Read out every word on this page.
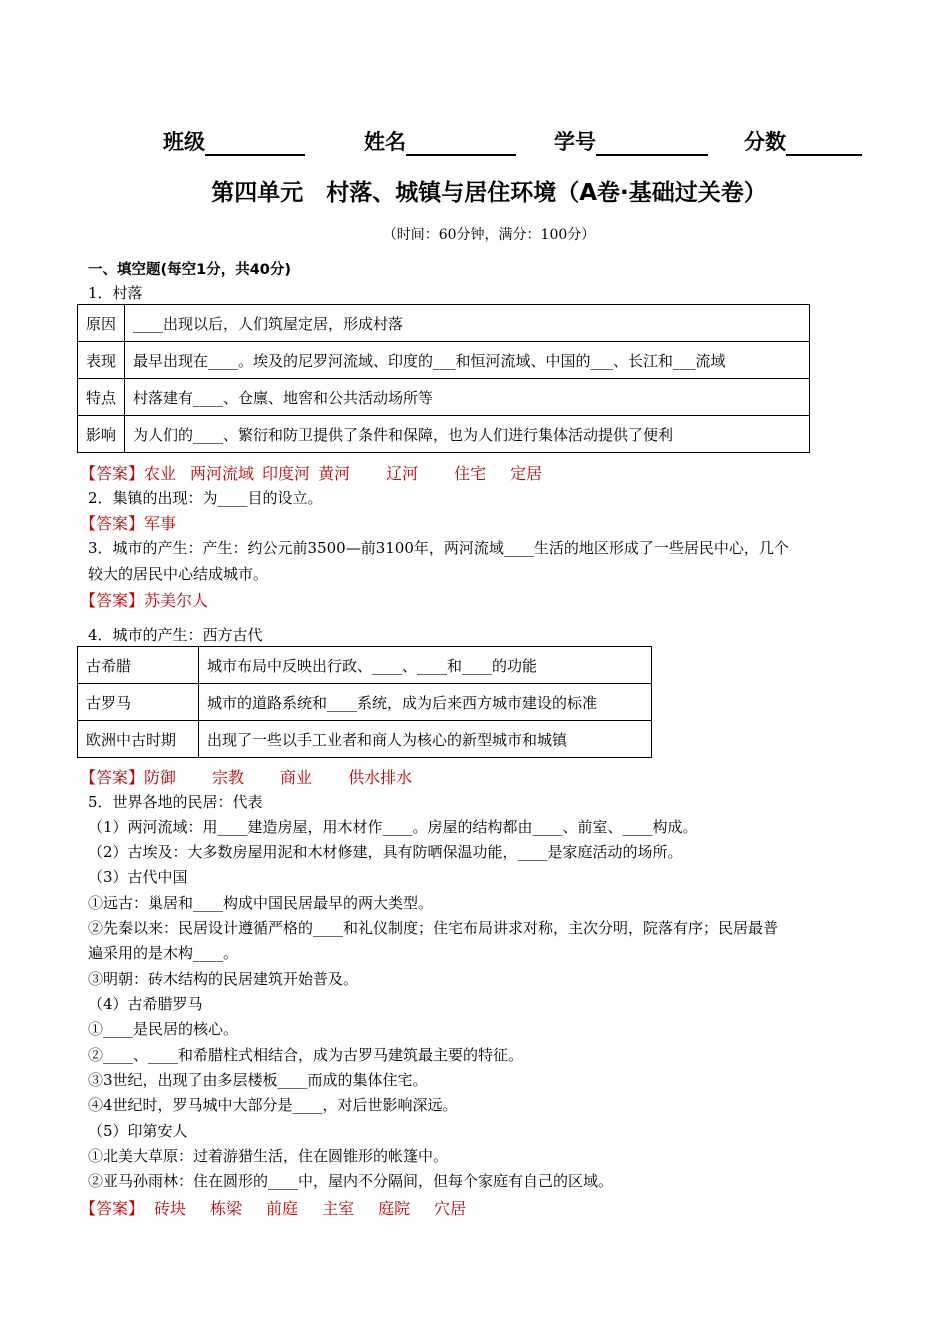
班级	姓名	学号	分数
第四单元　村落、城镇与居住环境（A卷·基础过关卷）
（时间：60分钟，满分：100分）
一、填空题(每空1分，共40分)
1．村落
原因	____出现以后，人们筑屋定居，形成村落
表现	最早出现在____。埃及的尼罗河流域、印度的___和恒河流域、中国的___、长江和___流域
特点	村落建有____、仓廪、地窖和公共活动场所等
影响	为人们的____、繁衍和防卫提供了条件和保障，也为人们进行集体活动提供了便利
【答案】农业 两河流域 印度河 黄河 辽河 住宅 定居
2．集镇的出现：为____目的设立。
【答案】军事
3．城市的产生：产生：约公元前3500—前3100年，两河流域____生活的地区形成了一些居民中心，几个
较大的居民中心结成城市。
【答案】苏美尔人
4．城市的产生：西方古代
古希腊	城市布局中反映出行政、____、____和____的功能
古罗马	城市的道路系统和____系统，成为后来西方城市建设的标准
欧洲中古时期	出现了一些以手工业者和商人为核心的新型城市和城镇
【答案】防御 宗教 商业 供水排水
5．世界各地的民居：代表
（1）两河流域：用____建造房屋，用木材作____。房屋的结构都由____、前室、____构成。
（2）古埃及：大多数房屋用泥和木材修建，具有防晒保温功能，____是家庭活动的场所。
（3）古代中国
①远古：巢居和____构成中国民居最早的两大类型。
②先秦以来：民居设计遵循严格的____和礼仪制度；住宅布局讲求对称，主次分明，院落有序；民居最普
遍采用的是木构____。
③明朝：砖木结构的民居建筑开始普及。
（4）古希腊罗马
①____是民居的核心。
②____、____和希腊柱式相结合，成为古罗马建筑最主要的特征。
③3世纪，出现了由多层楼板____而成的集体住宅。
④4世纪时，罗马城中大部分是____，对后世影响深远。
（5）印第安人
①北美大草原：过着游猎生活，住在圆锥形的帐篷中。
②亚马孙雨林：住在圆形的____中，屋内不分隔间，但每个家庭有自己的区域。
【答案】 砖块 栋梁 前庭 主室 庭院 穴居
